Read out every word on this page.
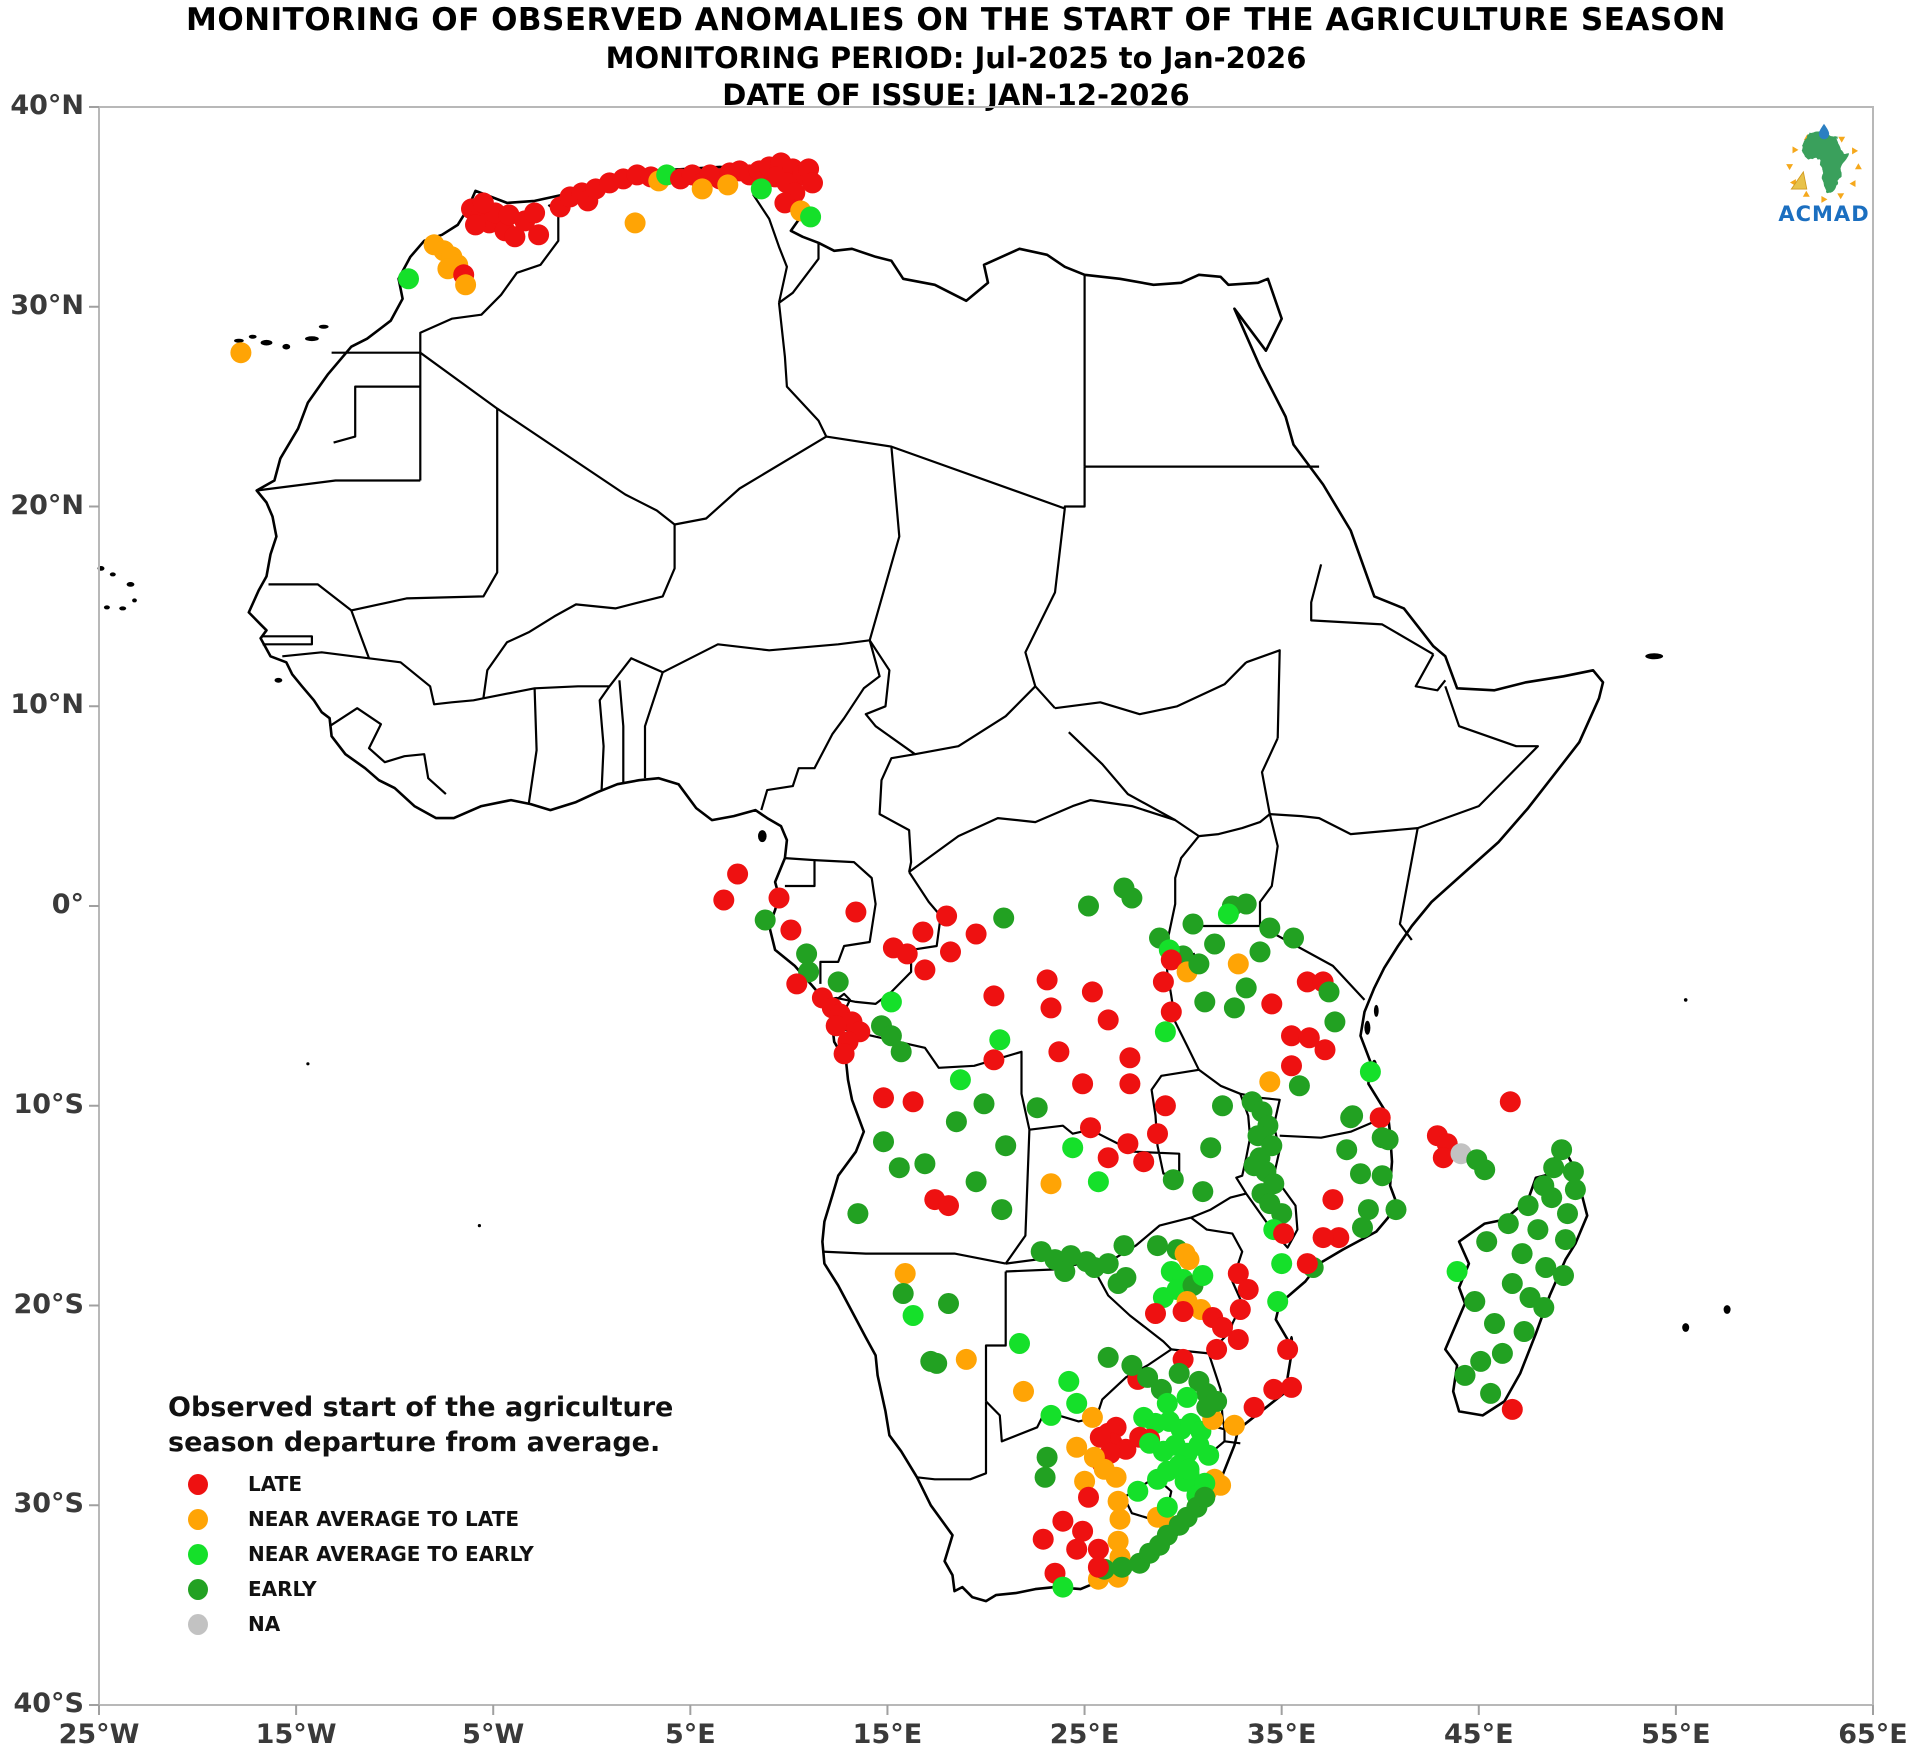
MONITORING OF OBSERVED ANOMALIES ON THE START OF THE AGRICULTURE SEASON
MONITORING PERIOD: Jul-2025 to Jan-2026
DATE OF ISSUE: JAN-12-2026
Observed start of the agriculture
season departure from average.
LATE
NEAR AVERAGE TO LATE
NEAR AVERAGE TO EARLY
EARLY
NA
25°W	15°W	5°W	5°E	15°E	25°E	35°E	45°E	55°E	65°E
40°N
30°N
20°N
10°N
0°
10°S
20°S
30°S
40°S
ACMAD
